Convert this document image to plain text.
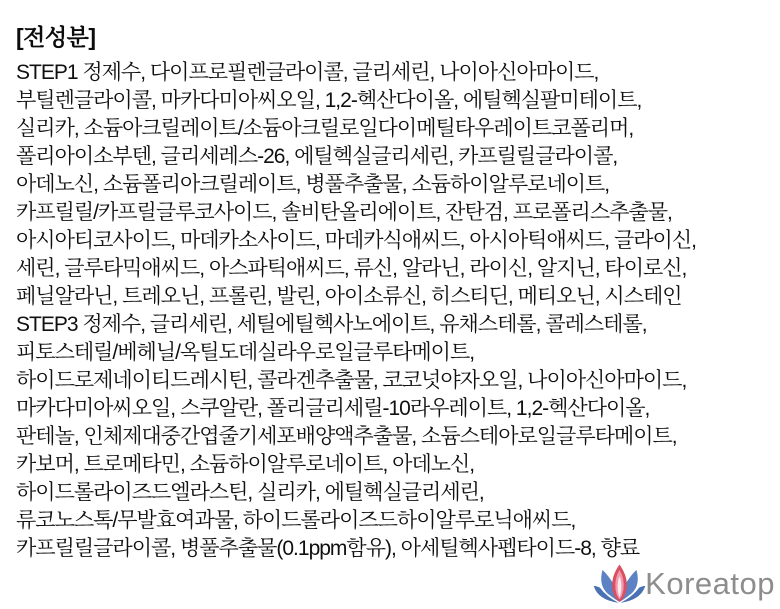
[전성분]

STEP1 정제수, 다이프로필렌글라이콜, 글리세린, 나이아신아마이드,

부틸렌글라이콜, 마카다미아씨오일, 1,2-헥산다이올, 에틸헥실팔미테이트,

실리카, 소듐아크릴레이트/소듐아크릴로일다이메틸타우레이트코폴리머,

폴리아이소부텐, 글리세레스-26, 에틸헥실글리세린, 카프릴릴글라이콜,

아데노신, 소듐폴리아크릴레이트, 병풀추출물, 소듐하이알루로네이트,

카프릴릴/카프릴글루코사이드, 솔비탄올리에이트, 잔탄검, 프로폴리스추출물,

아시아티코사이드, 마데카소사이드, 마데카식애씨드, 아시아틱애씨드, 글라이신,

세린, 글루타믹애씨드, 아스파틱애씨드, 류신, 알라닌, 라이신, 알지닌, 타이로신,

페닐알라닌, 트레오닌, 프롤린, 발린, 아이소류신, 히스티딘, 메티오닌, 시스테인

STEP3 정제수, 글리세린, 세틸에틸헥사노에이트, 유채스테롤, 콜레스테롤,

피토스테릴/베헤닐/옥틸도데실라우로일글루타메이트,

하이드로제네이티드레시틴, 콜라겐추출물, 코코넛야자오일, 나이아신아마이드,

마카다미아씨오일, 스쿠알란, 폴리글리세릴-10라우레이트, 1,2-헥산다이올,

판테놀, 인체제대중간엽줄기세포배양액추출물, 소듐스테아로일글루타메이트,

카보머, 트로메타민, 소듐하이알루로네이트, 아데노신,

하이드롤라이즈드엘라스틴, 실리카, 에틸헥실글리세린,

류코노스톡/무발효여과물, 하이드롤라이즈드하이알루로닉애씨드,

카프릴릴글라이콜, 병풀추출물(0.1ppm함유), 아세틸헥사펩타이드-8, 향료

Koreatop
